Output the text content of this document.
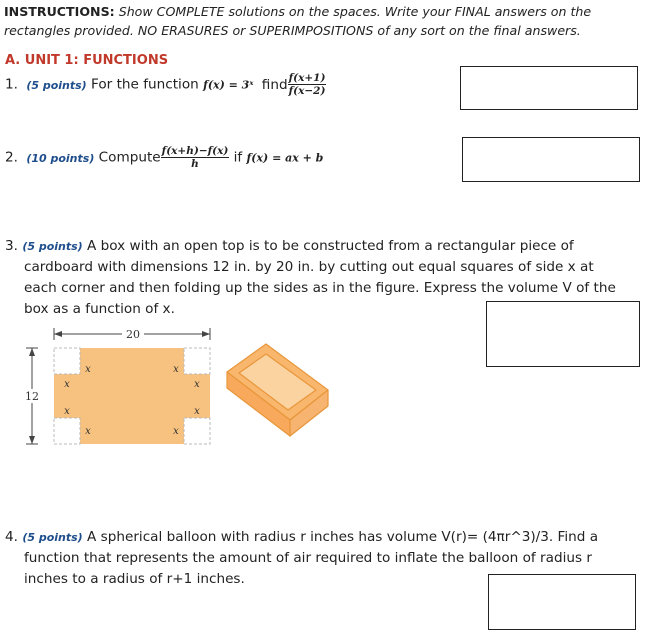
INSTRUCTIONS: Show COMPLETE solutions on the spaces. Write your FINAL answers on the rectangles provided. NO ERASURES or SUPERIMPOSITIONS of any sort on the final answers.
A. UNIT 1: FUNCTIONS
1. (5 points) For the function f(x) = 3ˣ find $\frac{f(x+1)}{f(x-2)}$
2. (10 points) Compute $\frac{f(x+h)-f(x)}{h}$ if f(x) = ax + b
3. (5 points) A box with an open top is to be constructed from a rectangular piece of
cardboard with dimensions 12 in. by 20 in. by cutting out equal squares of side x at
each corner and then folding up the sides as in the figure. Express the volume V of the
box as a function of x.
20
12
x
x
x
x
x
x
x
x
4. (5 points) A spherical balloon with radius r inches has volume V(r)= (4πr^3)/3. Find a
function that represents the amount of air required to inflate the balloon of radius r
inches to a radius of r+1 inches.
